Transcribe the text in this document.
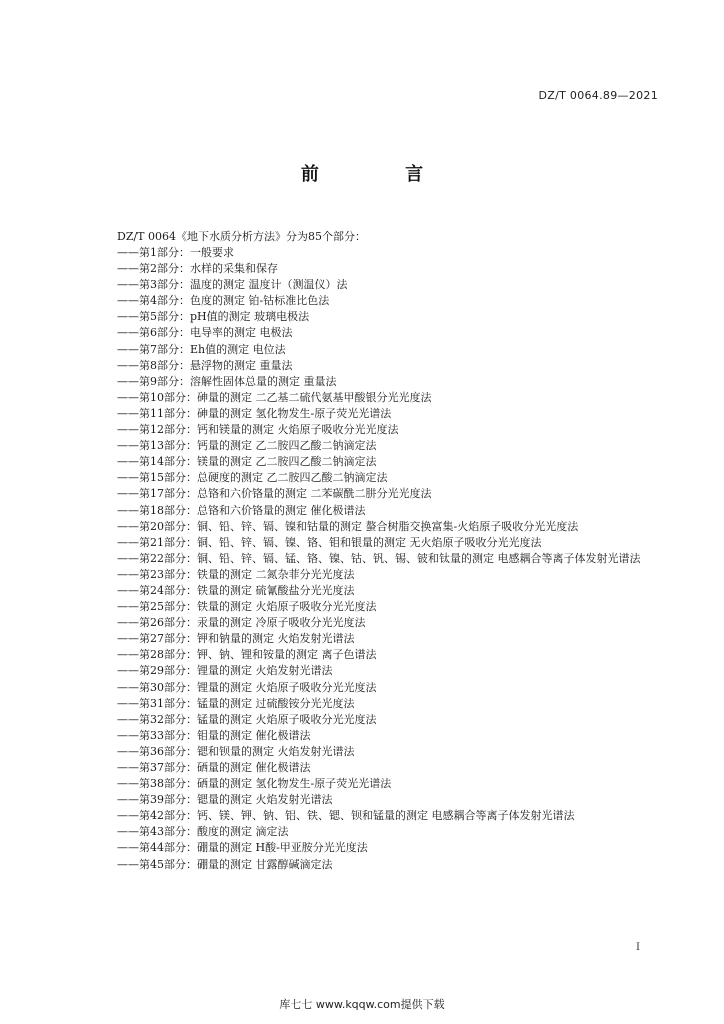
DZ/T 0064.89—2021
前 言
DZ/T 0064《地下水质分析方法》分为85个部分：
——第1部分：一般要求
——第2部分：水样的采集和保存
——第3部分：温度的测定 温度计（测温仪）法
——第4部分：色度的测定 铂-钴标准比色法
——第5部分：pH值的测定 玻璃电极法
——第6部分：电导率的测定 电极法
——第7部分：Eh值的测定 电位法
——第8部分：悬浮物的测定 重量法
——第9部分：溶解性固体总量的测定 重量法
——第10部分：砷量的测定 二乙基二硫代氨基甲酸银分光光度法
——第11部分：砷量的测定 氢化物发生-原子荧光光谱法
——第12部分：钙和镁量的测定 火焰原子吸收分光光度法
——第13部分：钙量的测定 乙二胺四乙酸二钠滴定法
——第14部分：镁量的测定 乙二胺四乙酸二钠滴定法
——第15部分：总硬度的测定 乙二胺四乙酸二钠滴定法
——第17部分：总铬和六价铬量的测定 二苯碳酰二肼分光光度法
——第18部分：总铬和六价铬量的测定 催化极谱法
——第20部分：铜、铅、锌、镉、镍和钴量的测定 螯合树脂交换富集-火焰原子吸收分光光度法
——第21部分：铜、铅、锌、镉、镍、铬、钼和银量的测定 无火焰原子吸收分光光度法
——第22部分：铜、铅、锌、镉、锰、铬、镍、钴、钒、锡、铍和钛量的测定 电感耦合等离子体发射光谱法
——第23部分：铁量的测定 二氮杂菲分光光度法
——第24部分：铁量的测定 硫氰酸盐分光光度法
——第25部分：铁量的测定 火焰原子吸收分光光度法
——第26部分：汞量的测定 冷原子吸收分光光度法
——第27部分：钾和钠量的测定 火焰发射光谱法
——第28部分：钾、钠、锂和铵量的测定 离子色谱法
——第29部分：锂量的测定 火焰发射光谱法
——第30部分：锂量的测定 火焰原子吸收分光光度法
——第31部分：锰量的测定 过硫酸铵分光光度法
——第32部分：锰量的测定 火焰原子吸收分光光度法
——第33部分：钼量的测定 催化极谱法
——第36部分：锶和钡量的测定 火焰发射光谱法
——第37部分：硒量的测定 催化极谱法
——第38部分：硒量的测定 氢化物发生-原子荧光光谱法
——第39部分：锶量的测定 火焰发射光谱法
——第42部分：钙、镁、钾、钠、铝、铁、锶、钡和锰量的测定 电感耦合等离子体发射光谱法
——第43部分：酸度的测定 滴定法
——第44部分：硼量的测定 H酸-甲亚胺分光光度法
——第45部分：硼量的测定 甘露醇碱滴定法
I
库七七 www.kqqw.com提供下载
